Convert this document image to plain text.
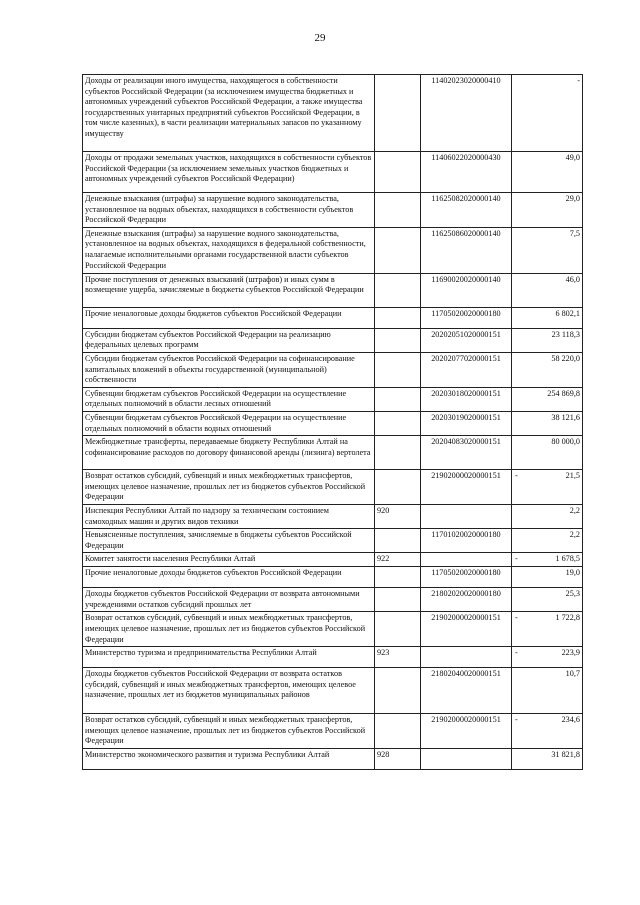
29
Доходы от реализации иного имущества, находящегося в собственности субъектов Российской Федерации (за исключением имущества бюджетных и автономных учреждений субъектов Российской Федерации, а также имущества государственных унитарных предприятий субъектов Российской Федерации, в том числе казенных), в части реализации материальных запасов по указанному имуществу		11402023020000410	-
Доходы от продажи земельных участков, находящихся в собственности субъектов Российской Федерации (за исключением земельных участков бюджетных и автономных учреждений субъектов Российской Федерации)		11406022020000430	49,0
Денежные взыскания (штрафы) за нарушение водного законодательства, установленное на водных объектах, находящихся в собственности субъектов Российской Федерации		11625082020000140	29,0
Денежные взыскания (штрафы) за нарушение водного законодательства, установленное на водных объектах, находящихся в федеральной собственности, налагаемые исполнительными органами государственной власти субъектов Российской Федерации		11625086020000140	7,5
Прочие поступления от денежных взысканий (штрафов) и иных сумм в возмещение ущерба, зачисляемые в бюджеты субъектов Российской Федерации		11690020020000140	46,0
Прочие неналоговые доходы бюджетов субъектов Российской Федерации		11705020020000180	6 802,1
Субсидии бюджетам субъектов Российской Федерации на реализацию федеральных целевых программ		20202051020000151	23 118,3
Субсидии бюджетам субъектов Российской Федерации на софинансирование капитальных вложений в объекты государственной (муниципальной) собственности		20202077020000151	58 220,0
Субвенции бюджетам субъектов Российской Федерации на осуществление отдельных полномочий в области лесных отношений		20203018020000151	254 869,8
Субвенции бюджетам субъектов Российской Федерации на осуществление отдельных полномочий в области водных отношений		20203019020000151	38 121,6
Межбюджетные трансферты, передаваемые бюджету Республики Алтай на софинансирование расходов по договору финансовой аренды (лизинга) вертолета		20204083020000151	80 000,0
Возврат остатков субсидий, субвенций и иных межбюджетных трансфертов, имеющих целевое назначение, прошлых лет из бюджетов субъектов Российской Федерации		21902000020000151	- 21,5
Инспекция Республики Алтай по надзору за техническим состоянием самоходных машин и других видов техники	920		2,2
Невыясненные поступления, зачисляемые в бюджеты субъектов Российской Федерации		11701020020000180	2,2
Комитет занятости населения Республики Алтай	922		- 1 678,5
Прочие неналоговые доходы бюджетов субъектов Российской Федерации		11705020020000180	19,0
Доходы бюджетов субъектов Российской Федерации от возврата автономными учреждениями остатков субсидий прошлых лет		21802020020000180	25,3
Возврат остатков субсидий, субвенций и иных межбюджетных трансфертов, имеющих целевое назначение, прошлых лет из бюджетов субъектов Российской Федерации		21902000020000151	- 1 722,8
Министерство туризма и предпринимательства Республики Алтай	923		- 223,9
Доходы бюджетов субъектов Российской Федерации от возврата остатков субсидий, субвенций и иных межбюджетных трансфертов, имеющих целевое назначение, прошлых лет из бюджетов муниципальных районов		21802040020000151	10,7
Возврат остатков субсидий, субвенций и иных межбюджетных трансфертов, имеющих целевое назначение, прошлых лет из бюджетов субъектов Российской Федерации		21902000020000151	- 234,6
Министерство экономического развития и туризма Республики Алтай	928		31 821,8
